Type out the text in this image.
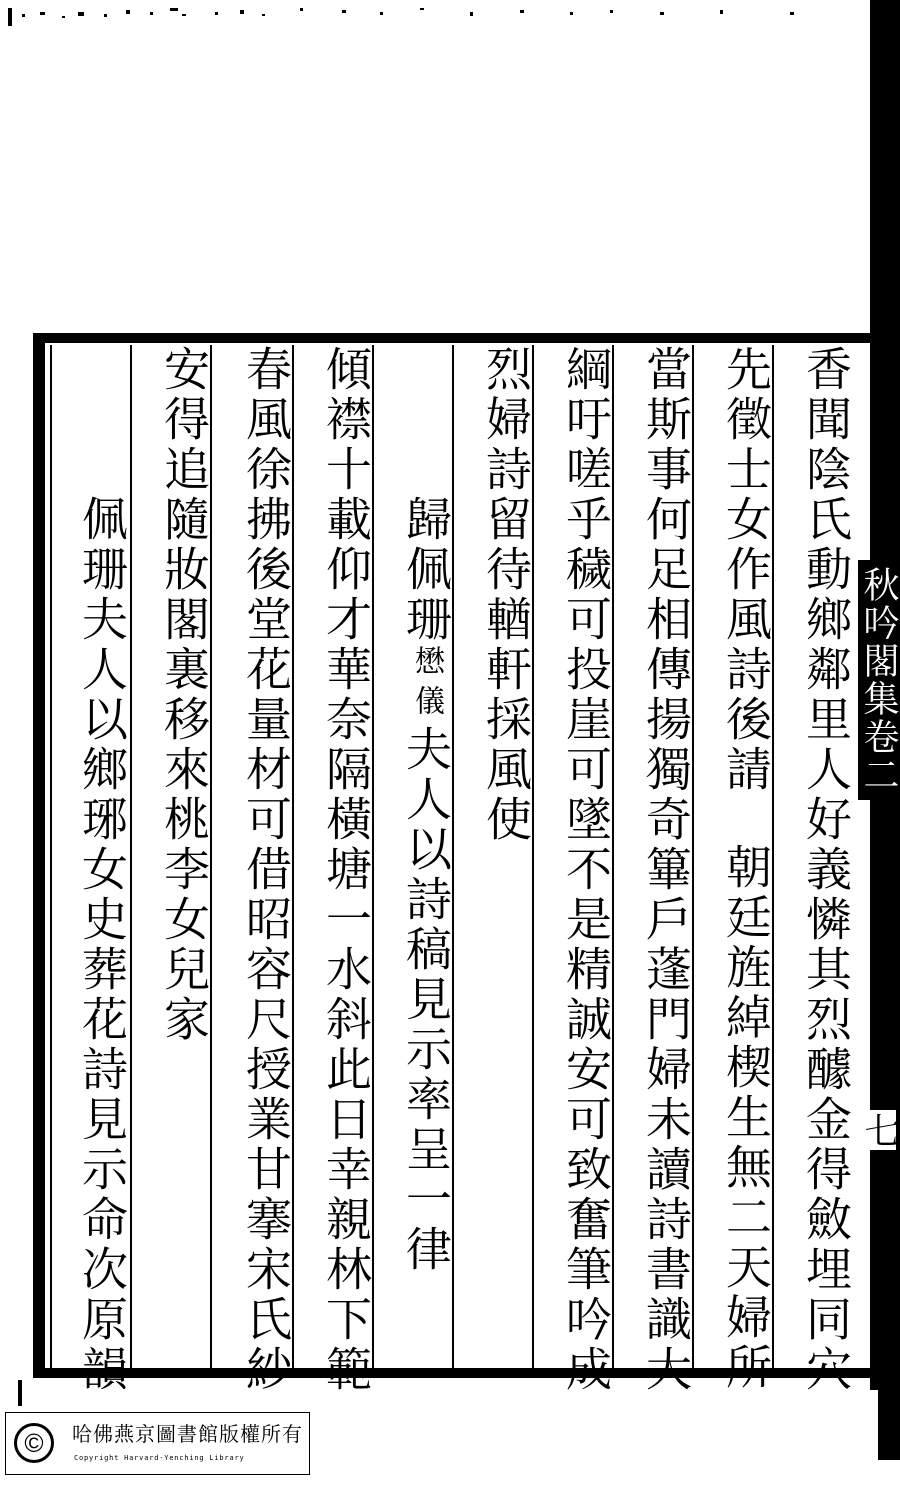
香聞陰氏動鄉鄰里人好義憐其烈醵金得斂埋同穴
先徵士女作風詩後請朝廷旌綽楔生無二天婦所
當斯事何足相傳揚獨奇篳戶蓬門婦未讀詩書識大
綱吁嗟乎穢可投崖可墜不是精誠安可致奮筆吟成
烈婦詩留待輶軒採風使
歸佩珊懋儀夫人以詩稿見示率呈一律
傾襟十載仰才華奈隔橫塘一水斜此日幸親林下範
春風徐拂後堂花量材可借昭容尺授業甘搴宋氏紗
安得追隨妝閣裏移來桃李女兒家
佩珊夫人以鄉琊女史葬花詩見示命次原韻	秋吟閣集卷二
七
©	哈佛燕京圖書館版權所有
Copyright Harvard-Yenching Library
